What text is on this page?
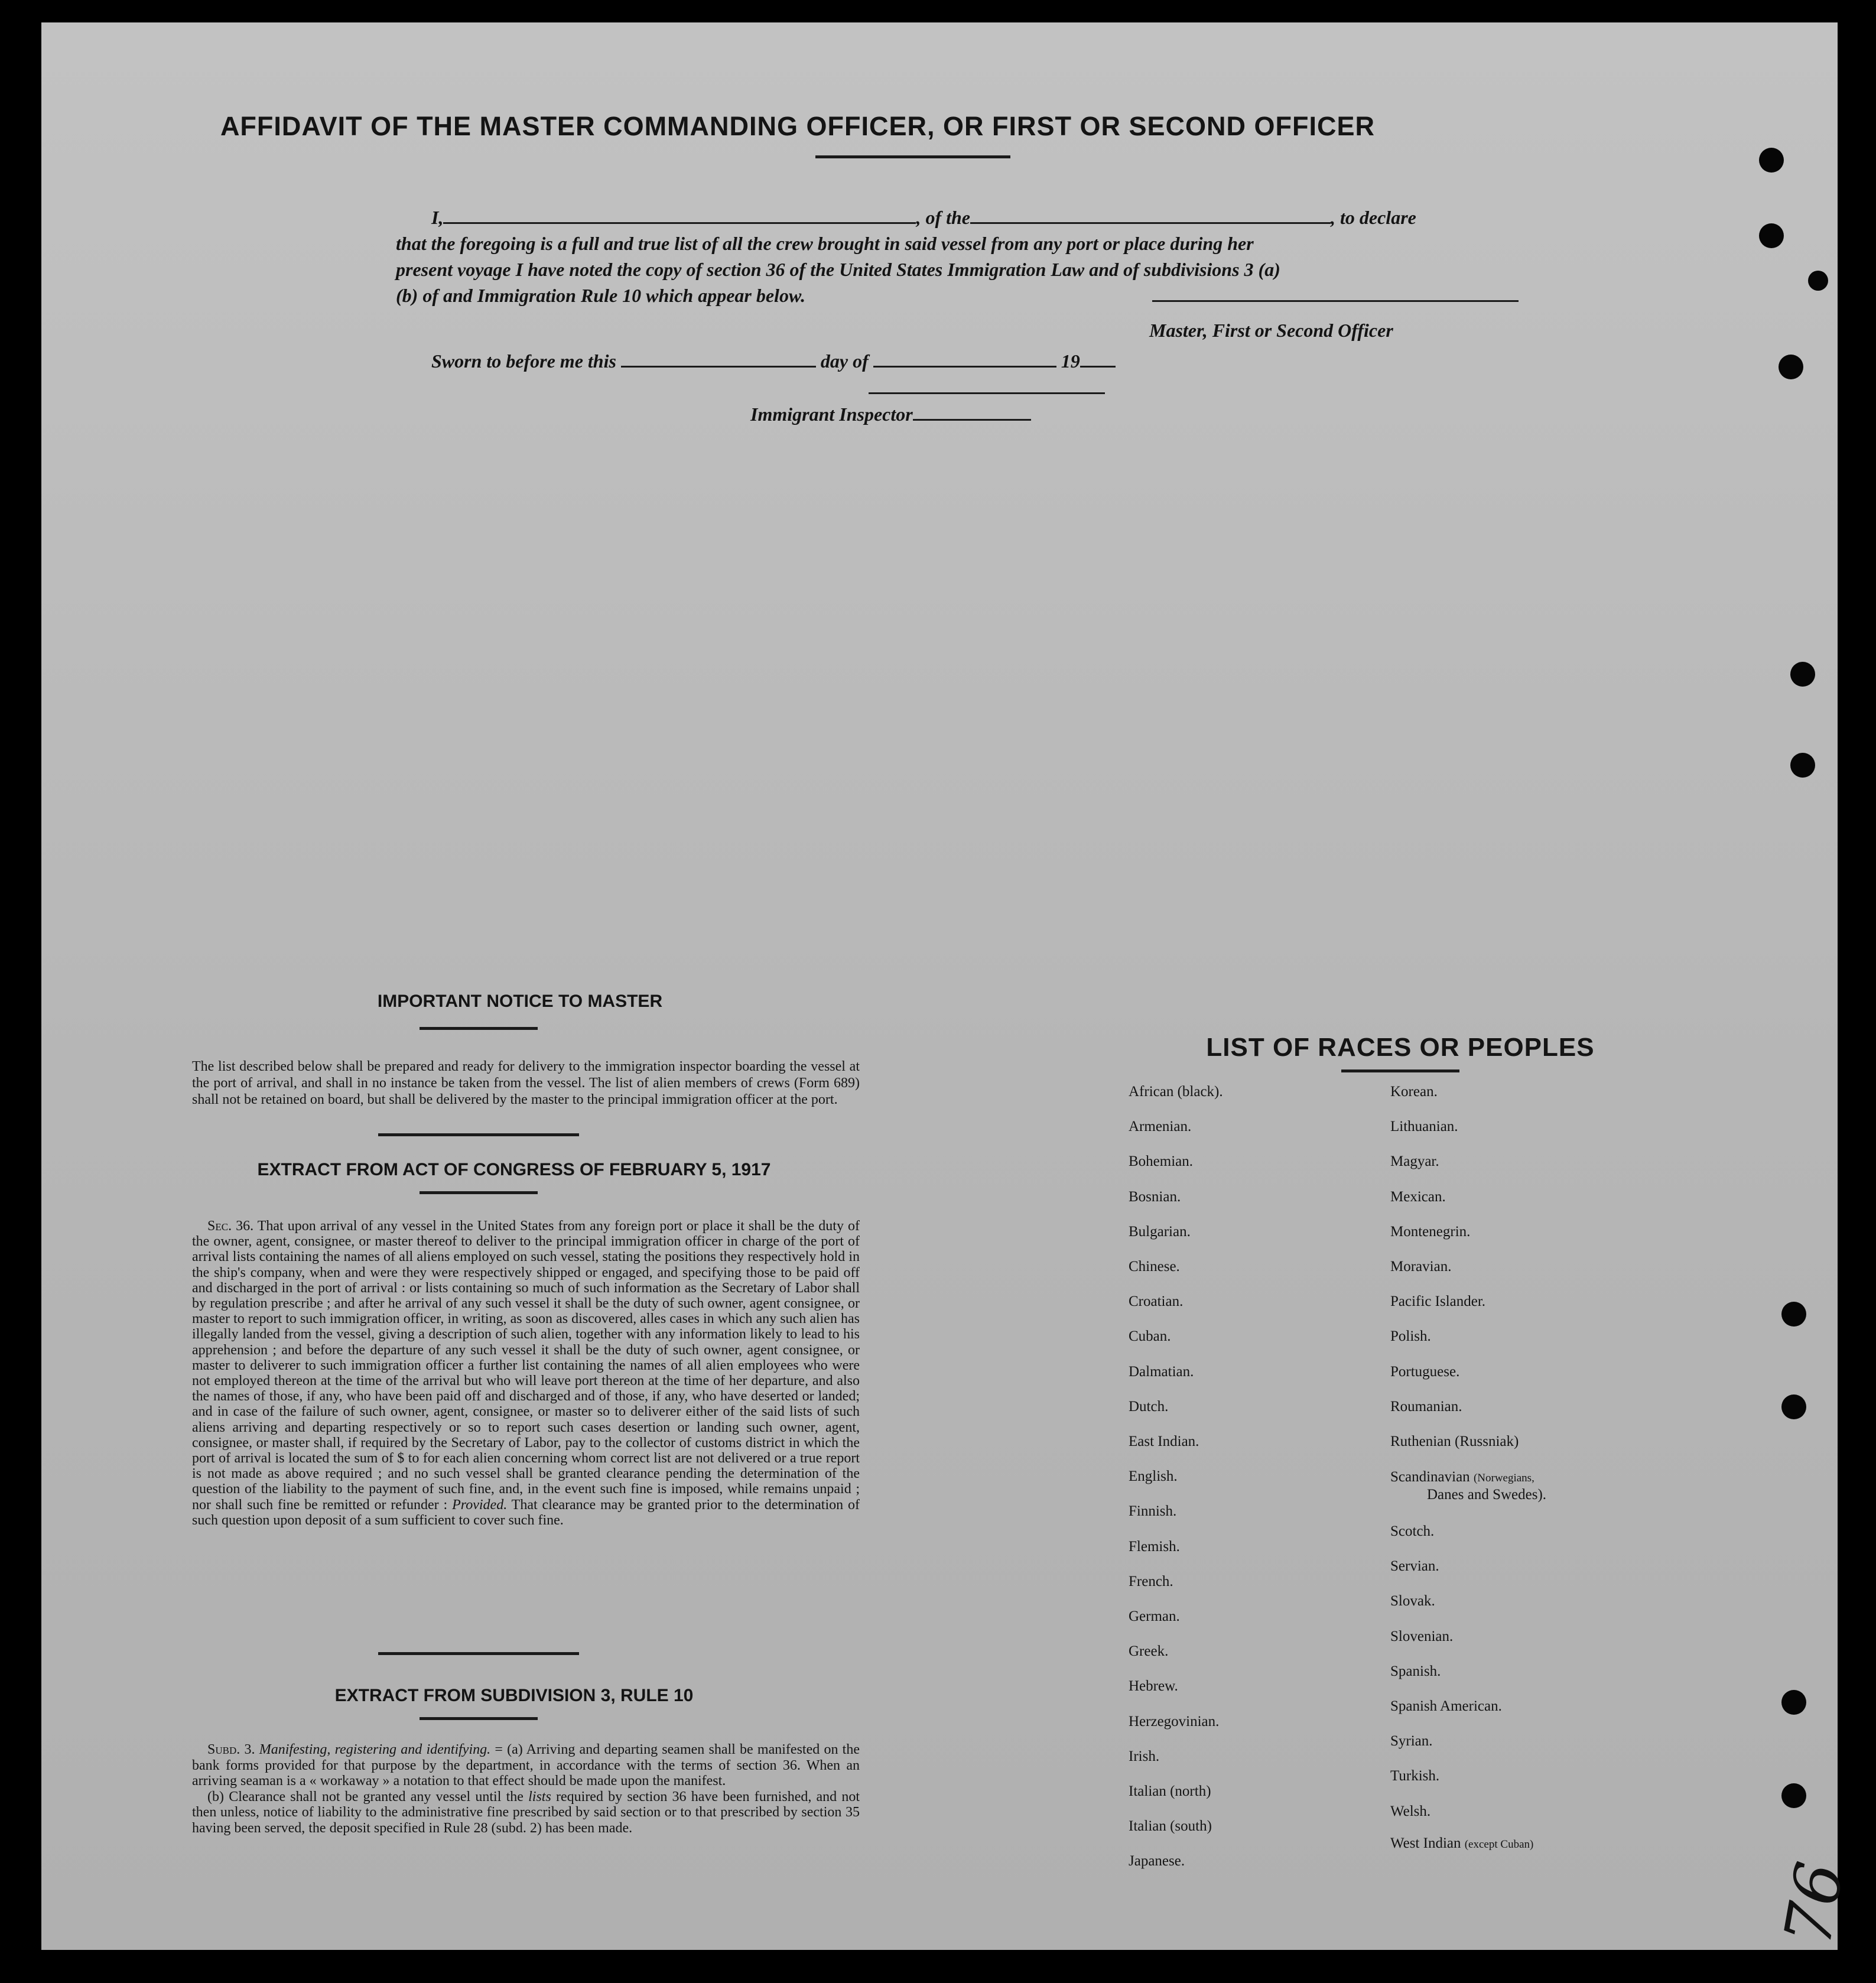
AFFIDAVIT OF THE MASTER COMMANDING OFFICER, OR FIRST OR SECOND OFFICER

I,	, of the	, to declare

that the foregoing is a full and true list of all the crew brought in said vessel from any port or place during her

present voyage I have noted the copy of section 36 of the United States Immigration Law and of subdivisions 3 (a)

(b) of and Immigration Rule 10 which appear below.

Master, First or Second Officer
Sworn to before me this	day of	19
Immigrant Inspector
IMPORTANT NOTICE TO MASTER
The list described below shall be prepared and ready for delivery to the immigration inspector boarding the vessel at the port of arrival, and shall in no instance be taken from the vessel. The list of alien members of crews (Form 689) shall not be retained on board, but shall be delivered by the master to the principal immigration officer at the port.
EXTRACT FROM ACT OF CONGRESS OF FEBRUARY 5, 1917
Sec. 36. That upon arrival of any vessel in the United States from any foreign port or place it shall be the duty of the owner, agent, consignee, or master thereof to deliver to the principal immigration officer in charge of the port of arrival lists containing the names of all aliens employed on such vessel, stating the positions they respectively hold in the ship's company, when and were they were respectively shipped or engaged, and specifying those to be paid off and discharged in the port of arrival : or lists containing so much of such information as the Secretary of Labor shall by regulation prescribe ; and after he arrival of any such vessel it shall be the duty of such owner, agent consignee, or master to report to such immigration officer, in writing, as soon as discovered, alles cases in which any such alien has illegally landed from the vessel, giving a description of such alien, together with any information likely to lead to his apprehension ; and before the departure of any such vessel it shall be the duty of such owner, agent consignee, or master to deliverer to such immigration officer a further list containing the names of all alien employees who were not employed thereon at the time of the arrival but who will leave port thereon at the time of her departure, and also the names of those, if any, who have been paid off and discharged and of those, if any, who have deserted or landed; and in case of the failure of such owner, agent, consignee, or master so to deliverer either of the said lists of such aliens arriving and departing respectively or so to report such cases desertion or landing such owner, agent, consignee, or master shall, if required by the Secretary of Labor, pay to the collector of customs district in which the port of arrival is located the sum of $ to for each alien concerning whom correct list are not delivered or a true report is not made as above required ; and no such vessel shall be granted clearance pending the determination of the question of the liability to the payment of such fine, and, in the event such fine is imposed, while remains unpaid ; nor shall such fine be remitted or refunder : Provided. That clearance may be granted prior to the determination of such question upon deposit of a sum sufficient to cover such fine.
EXTRACT FROM SUBDIVISION 3, RULE 10
Subd. 3. Manifesting, registering and identifying. = (a) Arriving and departing seamen shall be manifested on the bank forms provided for that purpose by the department, in accordance with the terms of section 36. When an arriving seaman is a « workaway » a notation to that effect should be made upon the manifest.
(b) Clearance shall not be granted any vessel until the lists required by section 36 have been furnished, and not then unless, notice of liability to the administrative fine prescribed by said section or to that prescribed by section 35 having been served, the deposit specified in Rule 28 (subd. 2) has been made.
LIST OF RACES OR PEOPLES
African (black).
Armenian.
Bohemian.
Bosnian.
Bulgarian.
Chinese.
Croatian.
Cuban.
Dalmatian.
Dutch.
East Indian.
English.
Finnish.
Flemish.
French.
German.
Greek.
Hebrew.
Herzegovinian.
Irish.
Italian (north)
Italian (south)
Japanese.
Korean.
Lithuanian.
Magyar.
Mexican.
Montenegrin.
Moravian.
Pacific Islander.
Polish.
Portuguese.
Roumanian.
Ruthenian (Russniak)
Scotch.
Servian.
Slovak.
Slovenian.
Spanish.
Spanish American.
Syrian.
Turkish.
Welsh.
Scandinavian (Norwegians,
Danes and Swedes).
West Indian (except Cuban)
76
